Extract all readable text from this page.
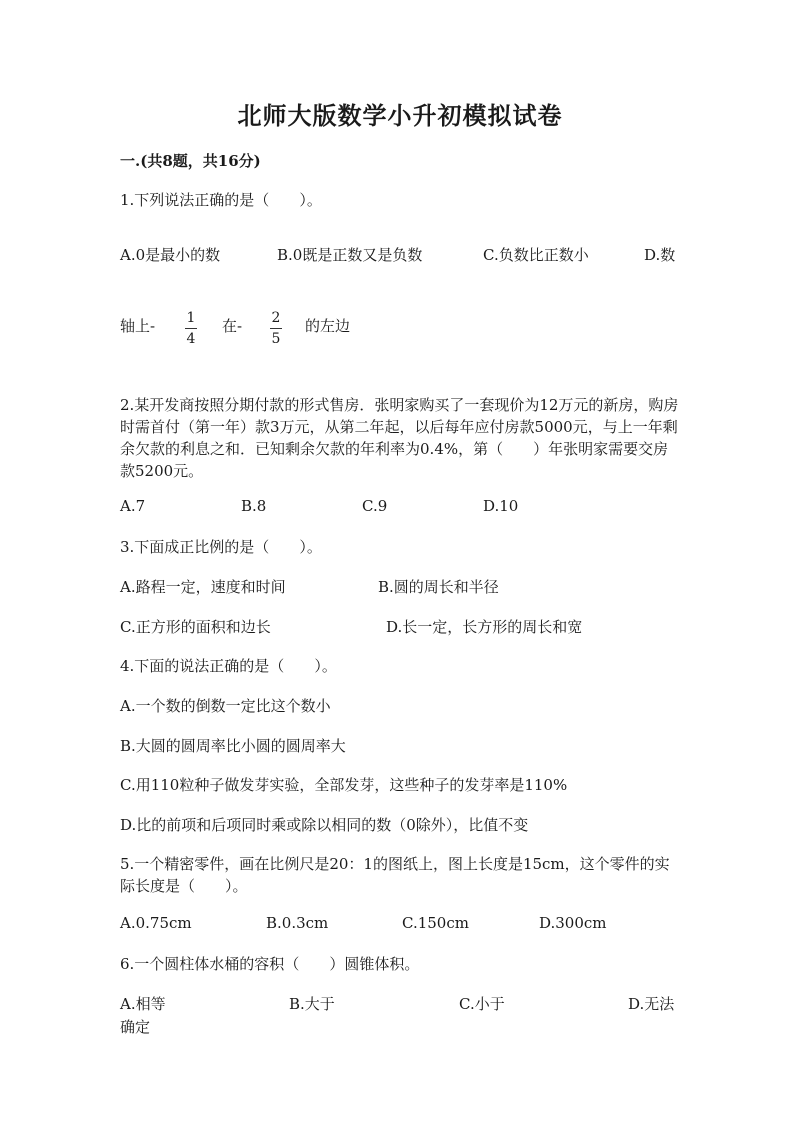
北师大版数学小升初模拟试卷
一.(共8题，共16分)
1.下列说法正确的是（　　）。
A.0是最小的数	B.0既是正数又是负数	C.负数比正数小	D.数
轴上- 1
4
在- 2
5
的左边
2.某开发商按照分期付款的形式售房．张明家购买了一套现价为12万元的新房，购房时需首付（第一年）款3万元，从第二年起，以后每年应付房款5000元，与上一年剩余欠款的利息之和．已知剩余欠款的年利率为0.4%，第（　　）年张明家需要交房款5200元。
A.7	B.8	C.9	D.10
3.下面成正比例的是（　　）。
A.路程一定，速度和时间	B.圆的周长和半径
C.正方形的面积和边长	D.长一定，长方形的周长和宽
4.下面的说法正确的是（　　）。
A.一个数的倒数一定比这个数小
B.大圆的圆周率比小圆的圆周率大
C.用110粒种子做发芽实验，全部发芽，这些种子的发芽率是110%
D.比的前项和后项同时乘或除以相同的数（0除外），比值不变
5.一个精密零件，画在比例尺是20：1的图纸上，图上长度是15cm，这个零件的实际长度是（　　）。
A.0.75cm	B.0.3cm	C.150cm	D.300cm
6.一个圆柱体水桶的容积（　　）圆锥体积。
A.相等	B.大于	C.小于	D.无法
确定
